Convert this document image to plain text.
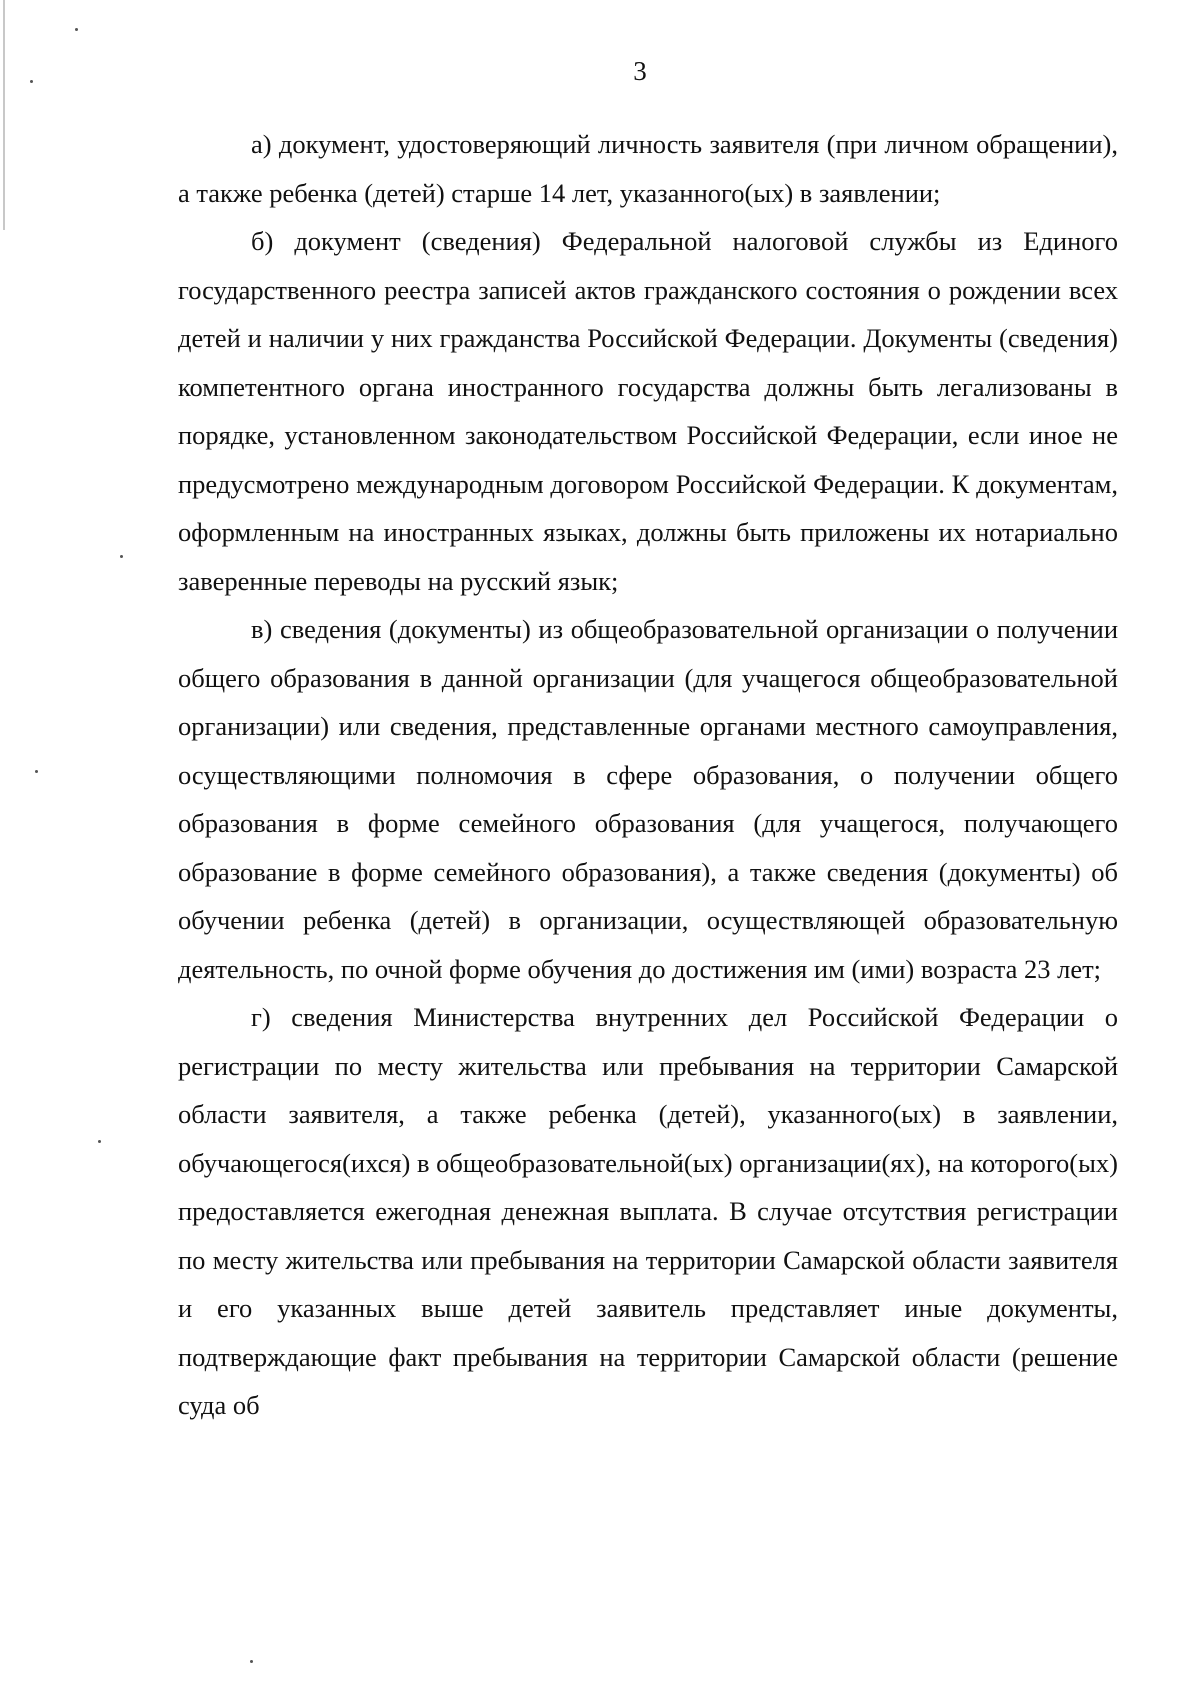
3

а) документ, удостоверяющий личность заявителя (при личном обращении), а также ребенка (детей) старше 14 лет, указанного(ых) в заявлении;

б) документ (сведения) Федеральной налоговой службы из Единого государственного реестра записей актов гражданского состояния о рождении всех детей и наличии у них гражданства Российской Федерации. Документы (сведения) компетентного органа иностранного государства должны быть легализованы в порядке, установленном законодательством Российской Федерации, если иное не предусмотрено международным договором Российской Федерации. К документам, оформленным на иностранных языках, должны быть приложены их нотариально заверенные переводы на русский язык;

в) сведения (документы) из общеобразовательной организации о получении общего образования в данной организации (для учащегося общеобразовательной организации) или сведения, представленные органами местного самоуправления, осуществляющими полномочия в сфере образования, о получении общего образования в форме семейного образования (для учащегося, получающего образование в форме семейного образования), а также сведения (документы) об обучении ребенка (детей) в организации, осуществляющей образовательную деятельность, по очной форме обучения до достижения им (ими) возраста 23 лет;

г) сведения Министерства внутренних дел Российской Федерации о регистрации по месту жительства или пребывания на территории Самарской области заявителя, а также ребенка (детей), указанного(ых) в заявлении, обучающегося(ихся) в общеобразовательной(ых) организации(ях), на которого(ых) предоставляется ежегодная денежная выплата. В случае отсутствия регистрации по месту жительства или пребывания на территории Самарской области заявителя и его указанных выше детей заявитель представляет иные документы, подтверждающие факт пребывания на территории Самарской области (решение суда об
